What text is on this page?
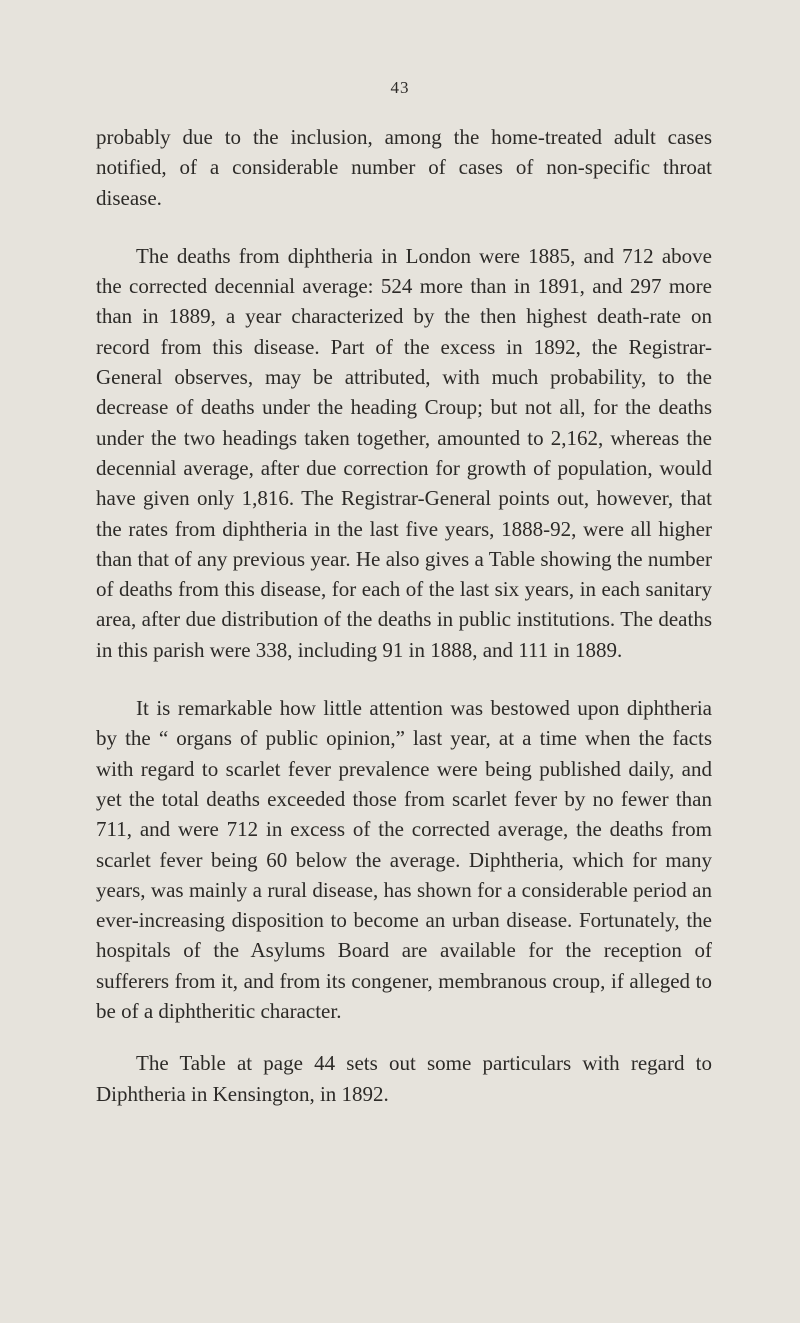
43

probably due to the inclusion, among the home-treated adult cases notified, of a considerable number of cases of non-specific throat disease.

The deaths from diphtheria in London were 1885, and 712 above the corrected decennial average: 524 more than in 1891, and 297 more than in 1889, a year characterized by the then highest death-rate on record from this disease. Part of the excess in 1892, the Registrar-General observes, may be attributed, with much probability, to the decrease of deaths under the heading Croup; but not all, for the deaths under the two headings taken together, amounted to 2,162, whereas the decennial average, after due correction for growth of population, would have given only 1,816. The Registrar-General points out, however, that the rates from diphtheria in the last five years, 1888-92, were all higher than that of any previous year. He also gives a Table showing the number of deaths from this disease, for each of the last six years, in each sanitary area, after due distribution of the deaths in public institutions. The deaths in this parish were 338, including 91 in 1888, and 111 in 1889.

It is remarkable how little attention was bestowed upon diphtheria by the “ organs of public opinion,” last year, at a time when the facts with regard to scarlet fever prevalence were being published daily, and yet the total deaths exceeded those from scarlet fever by no fewer than 711, and were 712 in excess of the corrected average, the deaths from scarlet fever being 60 below the average. Diphtheria, which for many years, was mainly a rural disease, has shown for a considerable period an ever-increasing disposition to become an urban disease. Fortunately, the hospitals of the Asylums Board are available for the reception of sufferers from it, and from its congener, membranous croup, if alleged to be of a diphtheritic character.

The Table at page 44 sets out some particulars with regard to Diphtheria in Kensington, in 1892.
